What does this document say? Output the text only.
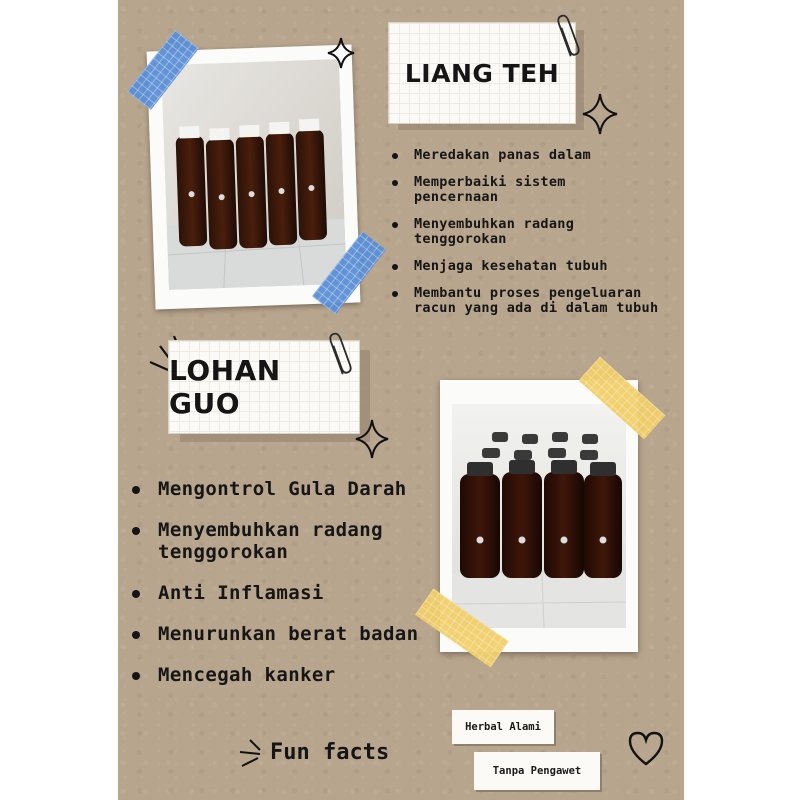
LIANG TEH
Meredakan panas dalam
Memperbaiki sistem pencernaan
Menyembuhkan radang tenggorokan
Menjaga kesehatan tubuh
Membantu proses pengeluaran racun yang ada di dalam tubuh
LOHAN GUO
Mengontrol Gula Darah
Menyembuhkan radang tenggorokan
Anti Inflamasi
Menurunkan berat badan
Mencegah kanker
Fun facts
Herbal Alami
Tanpa Pengawet
